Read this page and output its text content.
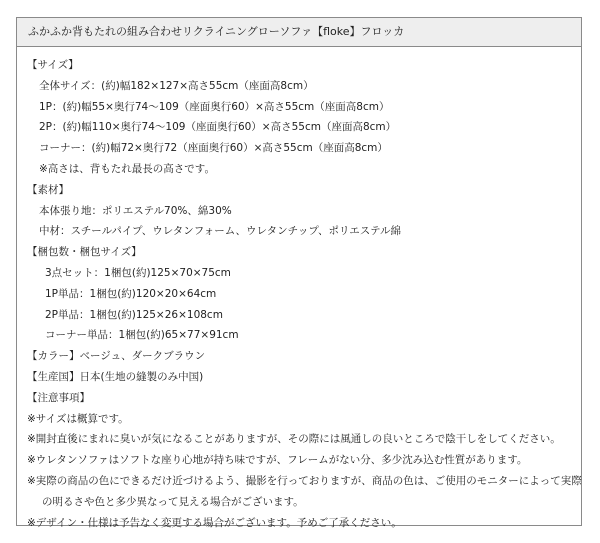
ふかふか背もたれの組み合わせリクライニングローソファ【floke】フロッカ
【サイズ】
全体サイズ：(約)幅182×127×高さ55cm（座面高8cm）
1P：(約)幅55×奥行74～109（座面奥行60）×高さ55cm（座面高8cm）
2P：(約)幅110×奥行74～109（座面奥行60）×高さ55cm（座面高8cm）
コーナー：(約)幅72×奥行72（座面奥行60）×高さ55cm（座面高8cm）
※高さは、背もたれ最長の高さです。
【素材】
本体張り地：ポリエステル70%、綿30%
中材：スチールパイプ、ウレタンフォーム、ウレタンチップ、ポリエステル綿
【梱包数・梱包サイズ】
3点セット：1梱包(約)125×70×75cm
1P単品：1梱包(約)120×20×64cm
2P単品：1梱包(約)125×26×108cm
コーナー単品：1梱包(約)65×77×91cm
【カラー】ベージュ、ダークブラウン
【生産国】日本(生地の縫製のみ中国)
【注意事項】
※サイズは概算です。
※開封直後にまれに臭いが気になることがありますが、その際には風通しの良いところで陰干しをしてください。
※ウレタンソファはソフトな座り心地が持ち味ですが、フレームがない分、多少沈み込む性質があります。
※実際の商品の色にできるだけ近づけるよう、撮影を行っておりますが、商品の色は、ご使用のモニターによって実際の明るさや色と多少異なって見える場合がございます。
※デザイン・仕様は予告なく変更する場合がございます。予めご了承ください。
